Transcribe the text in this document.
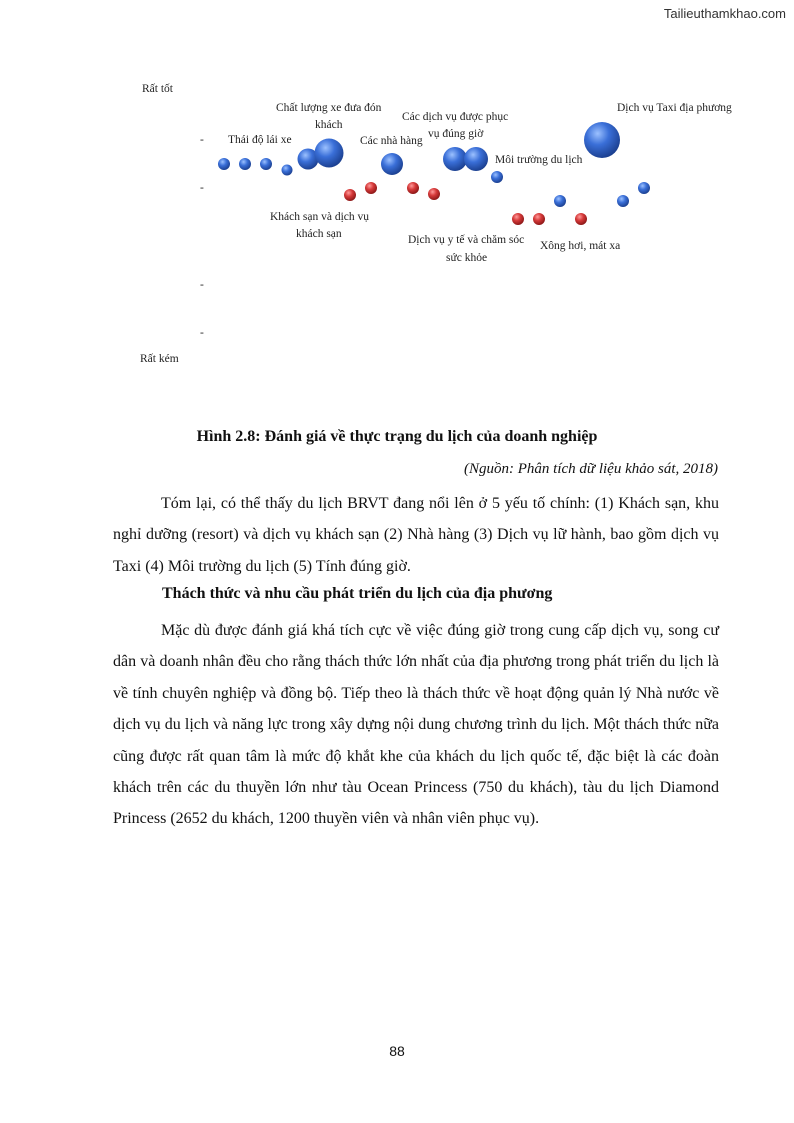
Tailieuthamkhao.com
Rất tốt
Rất kém
-
-
-
-
Thái độ lái xe
Chất lượng xe đưa đón
khách
Các nhà hàng
Các dịch vụ được phục
vụ đúng giờ
Dịch vụ Taxi địa phương
Môi trường du lịch
Khách sạn và dịch vụ
khách sạn	Dịch vụ y tế và chăm sóc
sức khỏe
Xông hơi, mát xa
Hình 2.8: Đánh giá về thực trạng du lịch của doanh nghiệp
(Nguồn: Phân tích dữ liệu khảo sát, 2018)

Tóm lại, có thể thấy du lịch BRVT đang nổi lên ở 5 yếu tố chính: (1) Khách sạn, khu nghỉ dưỡng (resort) và dịch vụ khách sạn (2) Nhà hàng (3) Dịch vụ lữ hành, bao gồm dịch vụ Taxi (4) Môi trường du lịch (5) Tính đúng giờ.

Thách thức và nhu cầu phát triển du lịch của địa phương

Mặc dù được đánh giá khá tích cực về việc đúng giờ trong cung cấp dịch vụ, song cư dân và doanh nhân đều cho rằng thách thức lớn nhất của địa phương trong phát triển du lịch là về tính chuyên nghiệp và đồng bộ. Tiếp theo là thách thức về hoạt động quản lý Nhà nước về dịch vụ du lịch và năng lực trong xây dựng nội dung chương trình du lịch. Một thách thức nữa cũng được rất quan tâm là mức độ khắt khe của khách du lịch quốc tế, đặc biệt là các đoàn khách trên các du thuyền lớn như tàu Ocean Princess (750 du khách), tàu du lịch Diamond Princess (2652 du khách, 1200 thuyền viên và nhân viên phục vụ).

88
